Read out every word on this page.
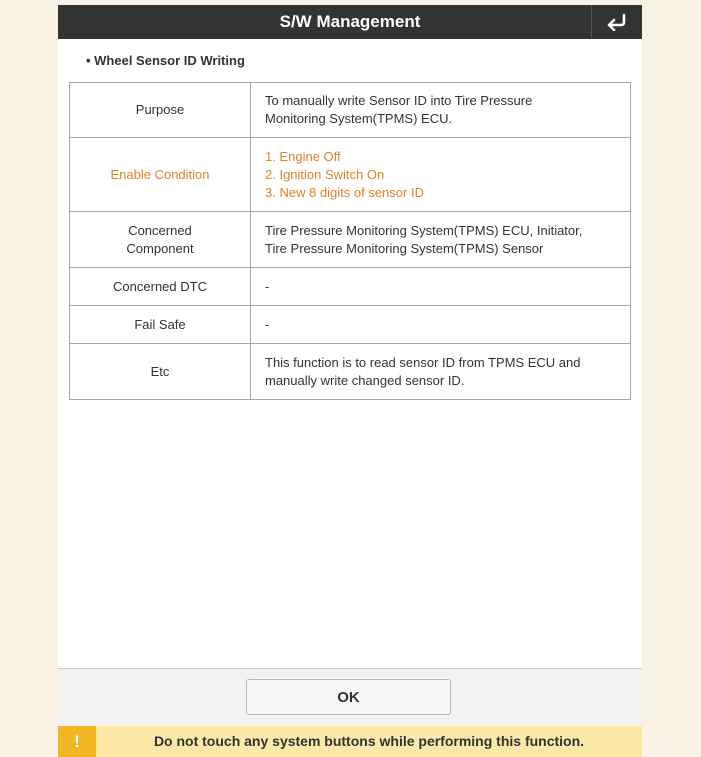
S/W Management
• Wheel Sensor ID Writing
Purpose	To manually write Sensor ID into Tire Pressure
Monitoring System(TPMS) ECU.

Enable Condition	1. Engine Off
2. Ignition Switch On
3. New 8 digits of sensor ID

Concerned
Component	Tire Pressure Monitoring System(TPMS) ECU, Initiator,
Tire Pressure Monitoring System(TPMS) Sensor

Concerned DTC	-

Fail Safe	-

Etc	This function is to read sensor ID from TPMS ECU and
manually write changed sensor ID.
OK
!	Do not touch any system buttons while performing this function.
